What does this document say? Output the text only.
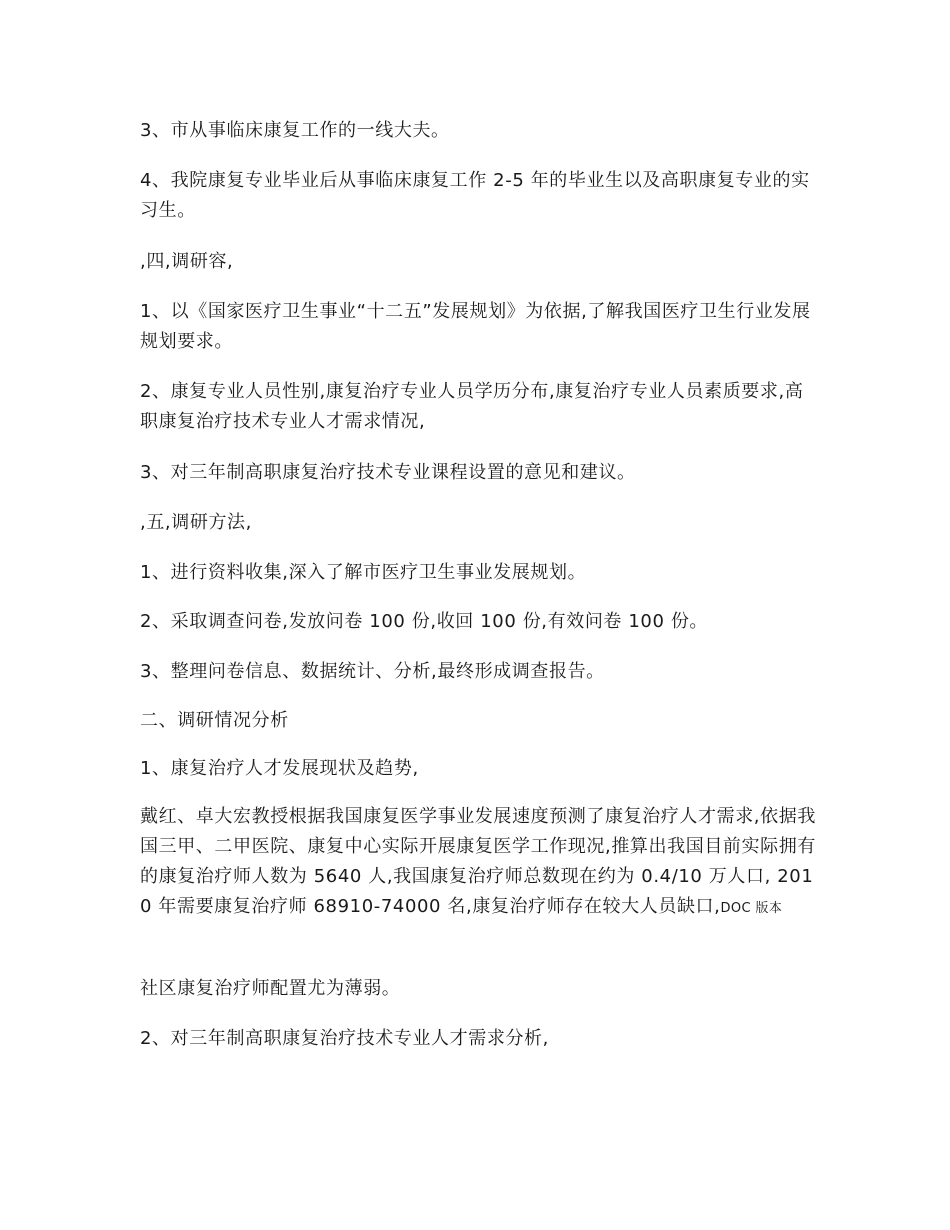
3、市从事临床康复工作的一线大夫。

4、我院康复专业毕业后从事临床康复工作 2-5 年的毕业生以及高职康复专业的实习生。

,四,调研容,

1、以《国家医疗卫生事业“十二五”发展规划》为依据,了解我国医疗卫生行业发展规划要求。

2、康复专业人员性别,康复治疗专业人员学历分布,康复治疗专业人员素质要求,高职康复治疗技术专业人才需求情况,

3、对三年制高职康复治疗技术专业课程设置的意见和建议。

,五,调研方法,

1、进行资料收集,深入了解市医疗卫生事业发展规划。

2、采取调查问卷,发放问卷 100 份,收回 100 份,有效问卷 100 份。

3、整理问卷信息、数据统计、分析,最终形成调查报告。

二、调研情况分析

1、康复治疗人才发展现状及趋势,

戴红、卓大宏教授根据我国康复医学事业发展速度预测了康复治疗人才需求,依据我国三甲、二甲医院、康复中心实际开展康复医学工作现况,推算出我国目前实际拥有的康复治疗师人数为 5640 人,我国康复治疗师总数现在约为 0.4/10 万人口, 2010 年需要康复治疗师 68910-74000 名,康复治疗师存在较大人员缺口,DOC 版本

社区康复治疗师配置尤为薄弱。

2、对三年制高职康复治疗技术专业人才需求分析,
